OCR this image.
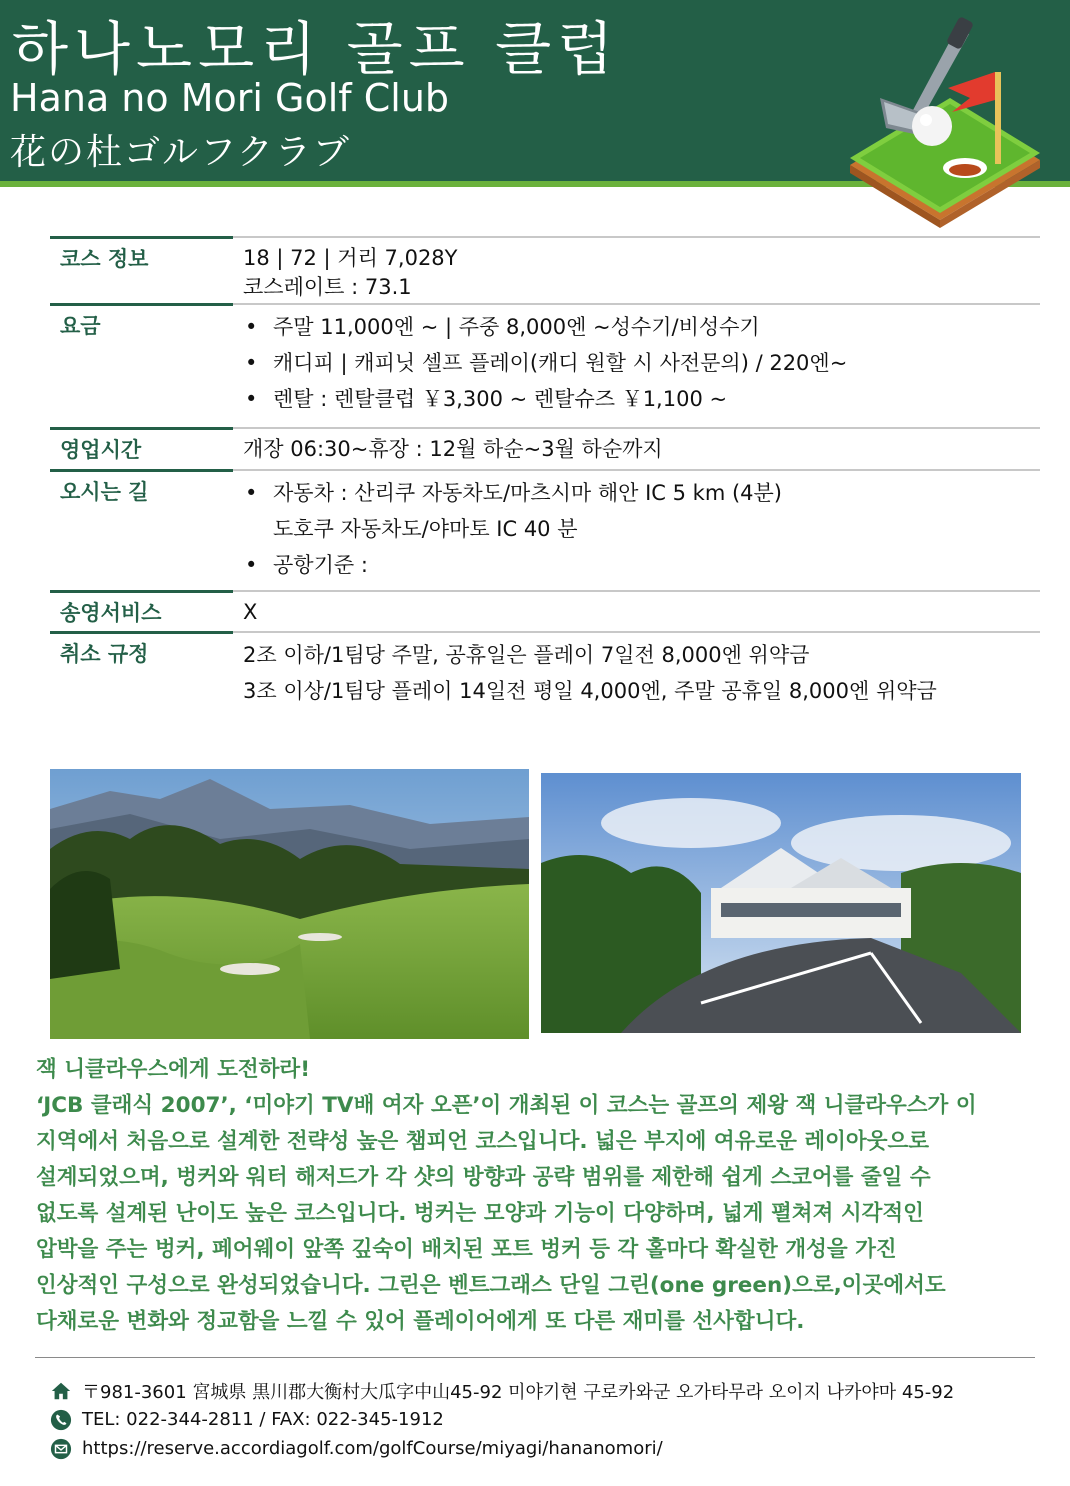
하나노모리 골프 클럽
Hana no Mori Golf Club
花の杜ゴルフクラブ
코스 정보	18 | 72 | 거리 7,028Y
코스레이트 : 73.1
요금	• 주말 11,000엔 ~ | 주중 8,000엔 ~성수기/비성수기
• 캐디피 | 캐피닛 셀프 플레이(캐디 원할 시 사전문의) / 220엔~
• 렌탈 : 렌탈클럽 ￥3,300 ~ 렌탈슈즈 ￥1,100 ~
영업시간	개장 06:30~휴장 : 12월 하순~3월 하순까지
오시는 길	• 자동차 : 산리쿠 자동차도/마츠시마 해안 IC 5 km (4분)
도호쿠 자동차도/야마토 IC 40 분
• 공항기준 :
송영서비스	X
취소 규정	2조 이하/1팀당 주말, 공휴일은 플레이 7일전 8,000엔 위약금
3조 이상/1팀당 플레이 14일전 평일 4,000엔, 주말 공휴일 8,000엔 위약금
잭 니클라우스에게 도전하라!
‘JCB 클래식 2007’, ‘미야기 TV배 여자 오픈’이 개최된 이 코스는 골프의 제왕 잭 니클라우스가 이
지역에서 처음으로 설계한 전략성 높은 챔피언 코스입니다. 넓은 부지에 여유로운 레이아웃으로
설계되었으며, 벙커와 워터 해저드가 각 샷의 방향과 공략 범위를 제한해 쉽게 스코어를 줄일 수
없도록 설계된 난이도 높은 코스입니다. 벙커는 모양과 기능이 다양하며, 넓게 펼쳐져 시각적인
압박을 주는 벙커, 페어웨이 앞쪽 깊숙이 배치된 포트 벙커 등 각 홀마다 확실한 개성을 가진
인상적인 구성으로 완성되었습니다. 그린은 벤트그래스 단일 그린(one green)으로,이곳에서도
다채로운 변화와 정교함을 느낄 수 있어 플레이어에게 또 다른 재미를 선사합니다.
〒981-3601 宮城県 黒川郡大衡村大瓜字中山45-92 미야기현 구로카와군 오가타무라 오이지 나카야마 45-92
TEL: 022-344-2811 / FAX: 022-345-1912
https://reserve.accordiagolf.com/golfCourse/miyagi/hananomori/
